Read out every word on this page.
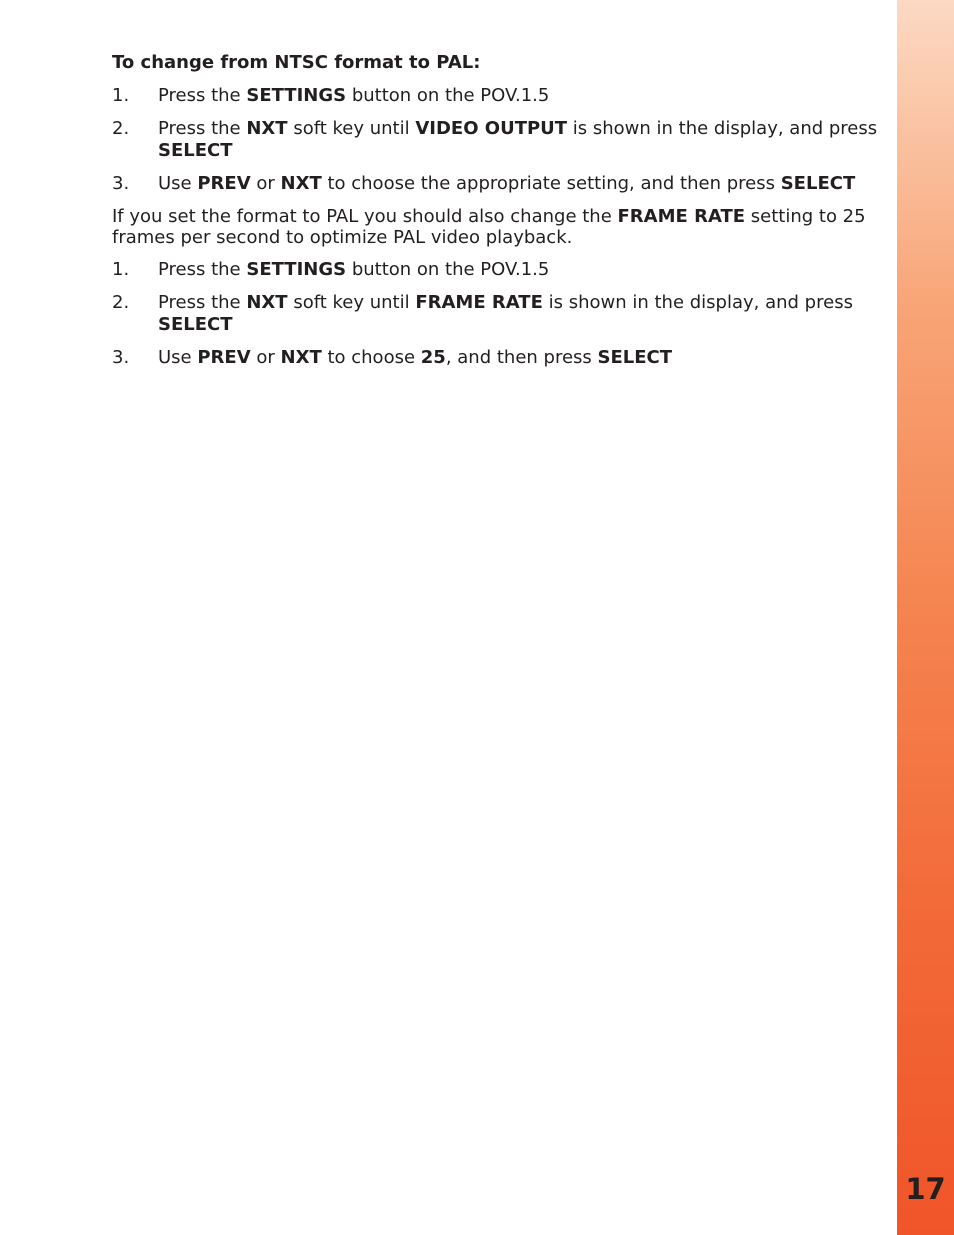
To change from NTSC format to PAL:
1. Press the SETTINGS button on the POV.1.5
2. Press the NXT soft key until VIDEO OUTPUT is shown in the display, and press SELECT
3. Use PREV or NXT to choose the appropriate setting, and then press SELECT

If you set the format to PAL you should also change the FRAME RATE setting to 25 frames per second to optimize PAL video playback.

1. Press the SETTINGS button on the POV.1.5
2. Press the NXT soft key until FRAME RATE is shown in the display, and press SELECT
3. Use PREV or NXT to choose 25, and then press SELECT
17
